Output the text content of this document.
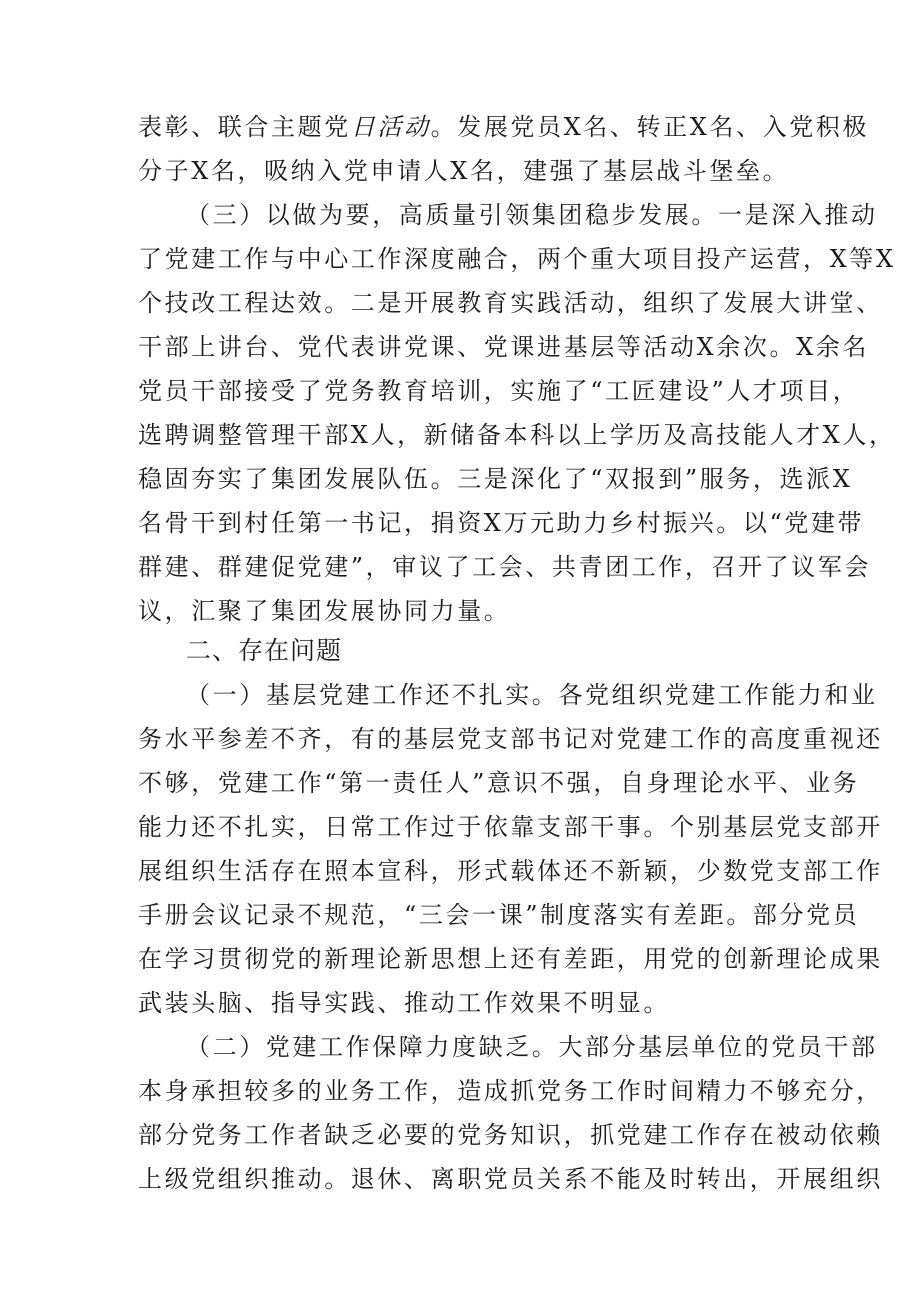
表彰、联合主题党日活动。发展党员X名、转正X名、入党积极
分子X名，吸纳入党申请人X名，建强了基层战斗堡垒。
（三）以做为要，高质量引领集团稳步发展。一是深入推动
了党建工作与中心工作深度融合，两个重大项目投产运营，X等X
个技改工程达效。二是开展教育实践活动，组织了发展大讲堂、
干部上讲台、党代表讲党课、党课进基层等活动X余次。X余名
党员干部接受了党务教育培训，实施了“工匠建设”人才项目，
选聘调整管理干部X人，新储备本科以上学历及高技能人才X人，
稳固夯实了集团发展队伍。三是深化了“双报到”服务，选派X
名骨干到村任第一书记，捐资X万元助力乡村振兴。以“党建带
群建、群建促党建”，审议了工会、共青团工作，召开了议军会
议，汇聚了集团发展协同力量。
二、存在问题
（一）基层党建工作还不扎实。各党组织党建工作能力和业
务水平参差不齐，有的基层党支部书记对党建工作的高度重视还
不够，党建工作“第一责任人”意识不强，自身理论水平、业务
能力还不扎实，日常工作过于依靠支部干事。个别基层党支部开
展组织生活存在照本宣科，形式载体还不新颖，少数党支部工作
手册会议记录不规范，“三会一课”制度落实有差距。部分党员
在学习贯彻党的新理论新思想上还有差距，用党的创新理论成果
武装头脑、指导实践、推动工作效果不明显。
（二）党建工作保障力度缺乏。大部分基层单位的党员干部
本身承担较多的业务工作，造成抓党务工作时间精力不够充分，
部分党务工作者缺乏必要的党务知识，抓党建工作存在被动依赖
上级党组织推动。退休、离职党员关系不能及时转出，开展组织
